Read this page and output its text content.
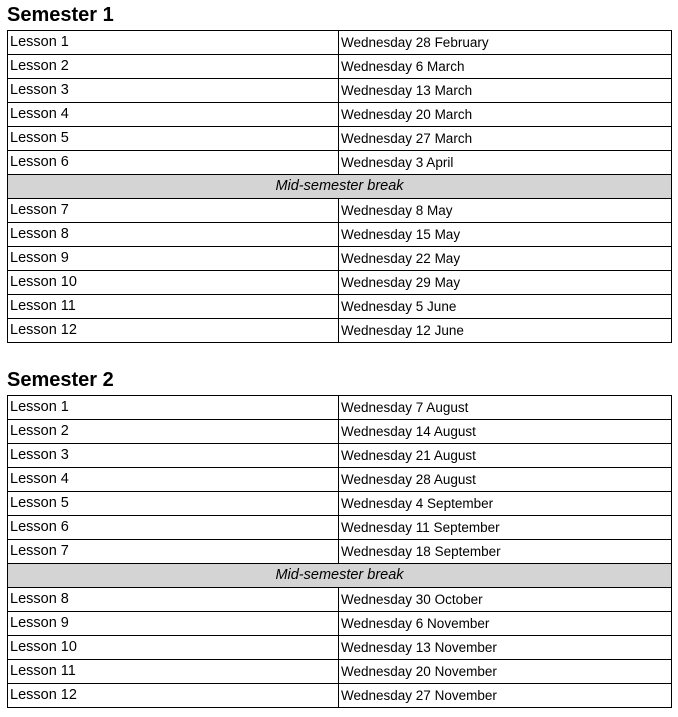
Semester 1
Lesson 1	Wednesday 28 February
Lesson 2	Wednesday 6 March
Lesson 3	Wednesday 13 March
Lesson 4	Wednesday 20 March
Lesson 5	Wednesday 27 March
Lesson 6	Wednesday 3 April
Mid-semester break	
Lesson 7	Wednesday 8 May
Lesson 8	Wednesday 15 May
Lesson 9	Wednesday 22 May
Lesson 10	Wednesday 29 May
Lesson 11	Wednesday 5 June
Lesson 12	Wednesday 12 June
Semester 2
Lesson 1	Wednesday 7 August
Lesson 2	Wednesday 14 August
Lesson 3	Wednesday 21 August
Lesson 4	Wednesday 28 August
Lesson 5	Wednesday 4 September
Lesson 6	Wednesday 11 September
Lesson 7	Wednesday 18 September
Mid-semester break	
Lesson 8	Wednesday 30 October
Lesson 9	Wednesday 6 November
Lesson 10	Wednesday 13 November
Lesson 11	Wednesday 20 November
Lesson 12	Wednesday 27 November
